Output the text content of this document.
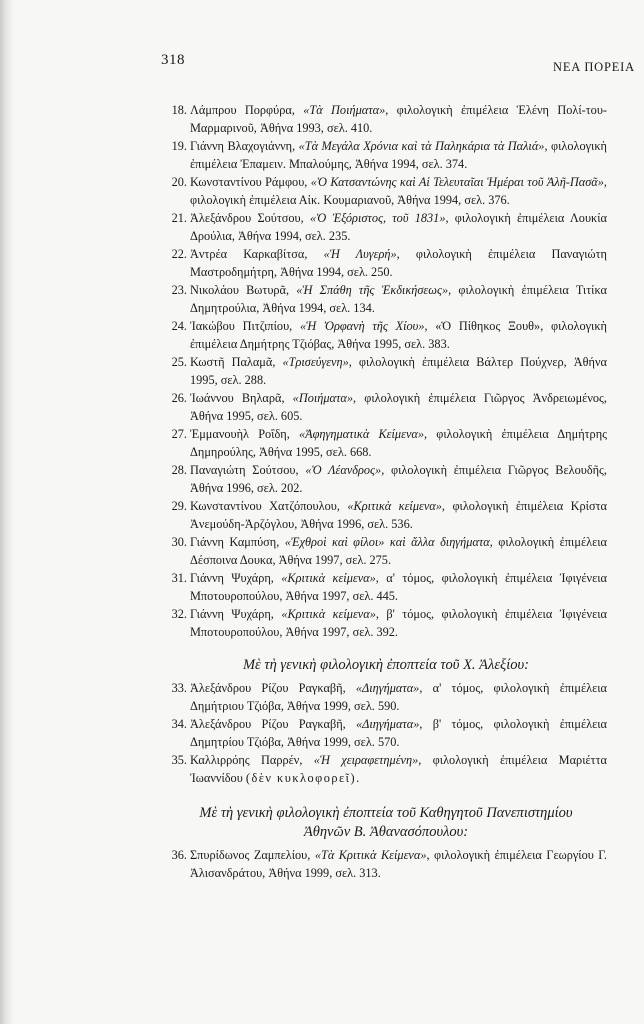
318	ΝΕΑ ΠΟΡΕΙΑ
18. Λάμπρου Πορφύρα, «Τὰ Ποιήματα», φιλολογικὴ ἐπιμέλεια Ἑλένη Πολί-του-Μαρμαρινοῦ, Ἀθήνα 1993, σελ. 410.
19. Γιάννη Βλαχογιάννη, «Τὰ Μεγάλα Χρόνια καὶ τὰ Παληκάρια τὰ Παλιά», φιλολογικὴ ἐπιμέλεια Ἐπαμειν. Μπαλούμης, Ἀθήνα 1994, σελ. 374.
20. Κωνσταντίνου Ράμφου, «Ὁ Κατσαντώνης καὶ Αἱ Τελευταῖαι Ἡμέραι τοῦ Ἀλῆ-Πασᾶ», φιλολογικὴ ἐπιμέλεια Αἰκ. Κουμαριανοῦ, Ἀθήνα 1994, σελ. 376.
21. Ἀλεξάνδρου Σούτσου, «Ὁ Ἐξόριστος, τοῦ 1831», φιλολογικὴ ἐπιμέλεια Λουκία Δρούλια, Ἀθήνα 1994, σελ. 235.
22. Ἀντρέα Καρκαβίτσα, «Ἡ Λυγερή», φιλολογικὴ ἐπιμέλεια Παναγιώτη Μαστροδημήτρη, Ἀθήνα 1994, σελ. 250.
23. Νικολάου Βωτυρᾶ, «Ἡ Σπάθη τῆς Ἐκδικήσεως», φιλολογικὴ ἐπιμέλεια Τιτίκα Δημητρούλια, Ἀθήνα 1994, σελ. 134.
24. Ἰακώβου Πιτζιπίου, «Ἡ Ὀρφανὴ τῆς Χίου», «Ὁ Πίθηκος Ξουθ», φιλολογικὴ ἐπιμέλεια Δημήτρης Τζιόβας, Ἀθήνα 1995, σελ. 383.
25. Κωστῆ Παλαμᾶ, «Τρισεύγενη», φιλολογικὴ ἐπιμέλεια Βάλτερ Πούχνερ, Ἀθήνα 1995, σελ. 288.
26. Ἰωάννου Βηλαρᾶ, «Ποιήματα», φιλολογικὴ ἐπιμέλεια Γιῶργος Ἀνδρειωμένος, Ἀθήνα 1995, σελ. 605.
27. Ἐμμανουὴλ Ροΐδη, «Ἀφηγηματικὰ Κείμενα», φιλολογικὴ ἐπιμέλεια Δημήτρης Δημηρούλης, Ἀθήνα 1995, σελ. 668.
28. Παναγιώτη Σούτσου, «Ὁ Λέανδρος», φιλολογικὴ ἐπιμέλεια Γιῶργος Βελουδῆς, Ἀθήνα 1996, σελ. 202.
29. Κωνσταντίνου Χατζόπουλου, «Κριτικὰ κείμενα», φιλολογικὴ ἐπιμέλεια Κρίστα Ἀνεμούδη-Ἀρζόγλου, Ἀθήνα 1996, σελ. 536.
30. Γιάννη Καμπύση, «Ἐχθροὶ καὶ φίλοι» καὶ ἄλλα διηγήματα, φιλολογικὴ ἐπιμέλεια Δέσποινα Δουκα, Ἀθήνα 1997, σελ. 275.
31. Γιάννη Ψυχάρη, «Κριτικὰ κείμενα», α' τόμος, φιλολογικὴ ἐπιμέλεια Ἰφιγένεια Μποτουροπούλου, Ἀθήνα 1997, σελ. 445.
32. Γιάννη Ψυχάρη, «Κριτικὰ κείμενα», β' τόμος, φιλολογικὴ ἐπιμέλεια Ἰφιγένεια Μποτουροπούλου, Ἀθήνα 1997, σελ. 392.
Μὲ τὴ γενικὴ φιλολογικὴ ἐποπτεία τοῦ Χ. Ἀλεξίου:
33. Ἀλεξάνδρου Ρίζου Ραγκαβῆ, «Διηγήματα», α' τόμος, φιλολογικὴ ἐπιμέλεια Δημήτριου Τζιόβα, Ἀθήνα 1999, σελ. 590.
34. Ἀλεξάνδρου Ρίζου Ραγκαβῆ, «Διηγήματα», β' τόμος, φιλολογικὴ ἐπιμέλεια Δημητρίου Τζιόβα, Ἀθήνα 1999, σελ. 570.
35. Καλλιρρόης Παρρέν, «Ἡ χειραφετημένη», φιλολογικὴ ἐπιμέλεια Μαριέττα Ἰωαννίδου (δὲν κυκλοφορεῖ).
Μὲ τὴ γενικὴ φιλολογικὴ ἐποπτεία τοῦ Καθηγητοῦ Πανεπιστημίου
Ἀθηνῶν Β. Ἀθανασόπουλου:
36. Σπυρίδωνος Ζαμπελίου, «Τὰ Κριτικὰ Κείμενα», φιλολογικὴ ἐπιμέλεια Γεωργίου Γ. Ἀλισανδράτου, Ἀθήνα 1999, σελ. 313.
